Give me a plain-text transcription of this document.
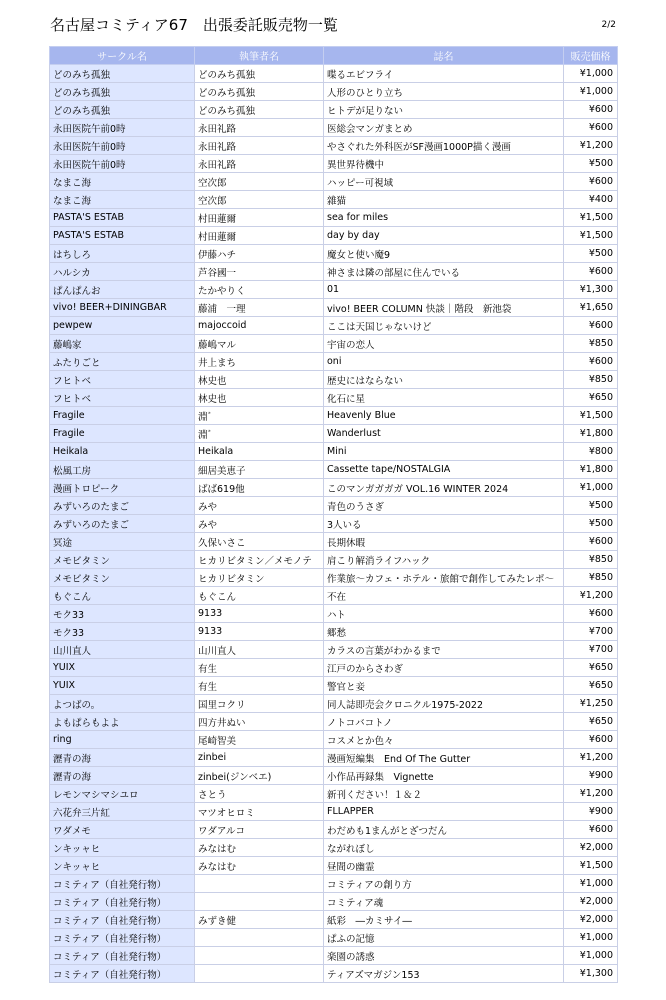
名古屋コミティア67　出張委託販売物一覧	2/2
サークル名	執筆者名	誌名	販売価格
どのみち孤独	どのみち孤独	喋るエビフライ	¥1,000
どのみち孤独	どのみち孤独	人形のひとり立ち	¥1,000
どのみち孤独	どのみち孤独	ヒトデが足りない	¥600
永田医院午前0時	永田礼路	医総会マンガまとめ	¥600
永田医院午前0時	永田礼路	やさぐれた外科医がSF漫画1000P描く漫画	¥1,200
永田医院午前0時	永田礼路	異世界待機中	¥500
なまこ海	空次郎	ハッピー可視域	¥600
なまこ海	空次郎	雜猫	¥400
PASTA'S ESTAB	村田蓮爾	sea for miles	¥1,500
PASTA'S ESTAB	村田蓮爾	day by day	¥1,500
はちしろ	伊藤ハチ	魔女と使い魔9	¥500
ハルシカ	芦谷國一	神さまは隣の部屋に住んでいる	¥600
ぱんぱんお	たかやりく	01	¥1,300
vivo! BEER+DININGBAR	藤浦　一理	vivo! BEER COLUMN 快談｜階段　新池袋	¥1,650
pewpew	majoccoid	ここは天国じゃないけど	¥600
藤嶋家	藤嶋マル	宇宙の恋人	¥850
ふたりごと	井上まち	oni	¥600
フヒトベ	林史也	歴史にはならない	¥850
フヒトベ	林史也	化石に星	¥650
Fragile	淵゛	Heavenly Blue	¥1,500
Fragile	淵゛	Wanderlust	¥1,800
Heikala	Heikala	Mini	¥800
松風工房	細居美恵子	Cassette tape/NOSTALGIA	¥1,800
漫画トロピーク	ばば619他	このマンガガガガ VOL.16 WINTER 2024	¥1,000
みずいろのたまご	みや	青色のうさぎ	¥500
みずいろのたまご	みや	3人いる	¥500
冥途	久保いさこ	長期休暇	¥600
メモビタミン	ヒカリビタミン／メモノテ	肩こり解消ライフハック	¥850
メモビタミン	ヒカリビタミン	作業旅～カフェ・ホテル・旅館で創作してみたレポ～	¥850
もぐこん	もぐこん	不在	¥1,200
モク33	9133	ハト	¥600
モク33	9133	郷愁	¥700
山川直人	山川直人	カラスの言葉がわかるまで	¥700
YUIX	有生	江戸のからさわぎ	¥650
YUIX	有生	警官と妾	¥650
よつばの。	国里コクリ	同人誌即売会クロニクル1975-2022	¥1,250
よもぱらもよよ	四方井ぬい	ノトコバコトノ	¥650
ring	尾崎智美	コスメとか色々	¥600
瀝青の海	zinbei	漫画短編集　End Of The Gutter	¥1,200
瀝青の海	zinbei(ジンベエ)	小作品再録集　Vignette	¥900
レモンマシマシユロ	さとう	新刊ください！１＆２	¥1,200
六花弁三片紅	マツオヒロミ	FLLAPPER	¥900
ワダメモ	ワダアルコ	わだめも1まんがとざつだん	¥600
ンキッャヒ	みなはむ	ながれぼし	¥2,000
ンキッャヒ	みなはむ	昼間の幽霊	¥1,500
コミティア（自社発行物）		コミティアの創り方	¥1,000
コミティア（自社発行物）		コミティア魂	¥2,000
コミティア（自社発行物）	みずき健	紙彩　―カミサイ―	¥2,000
コミティア（自社発行物）		ぱふの記憶	¥1,000
コミティア（自社発行物）		楽園の誘惑	¥1,000
コミティア（自社発行物）		ティアズマガジン153	¥1,300
